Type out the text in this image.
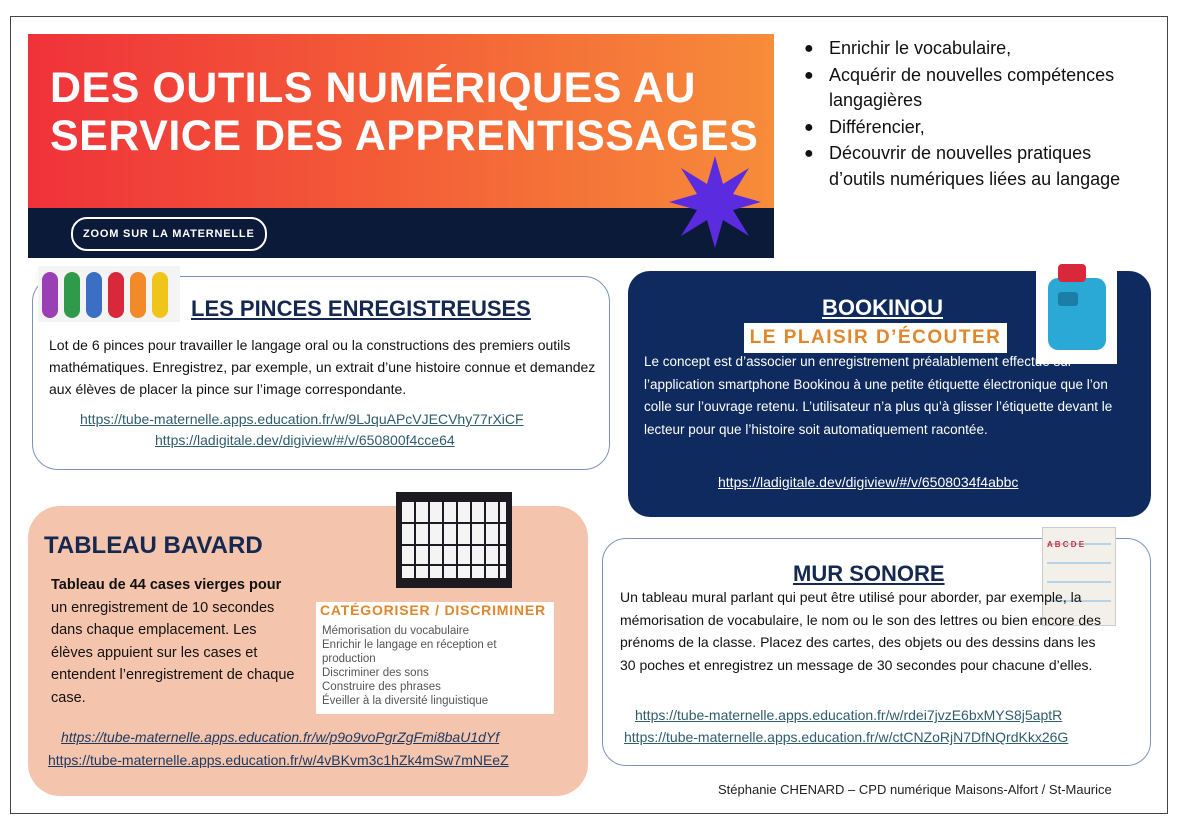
DES OUTILS NUMÉRIQUES AU
SERVICE DES APPRENTISSAGES
ZOOM SUR LA MATERNELLE
● Enrichir le vocabulaire,
● Acquérir de nouvelles compétences langagières
● Différencier,
● Découvrir de nouvelles pratiques d’outils numériques liées au langage
LES PINCES ENREGISTREUSES
Lot de 6 pinces pour travailler le langage oral ou la constructions des premiers outils mathématiques. Enregistrez, par exemple, un extrait d’une histoire connue et demandez aux élèves de placer la pince sur l’image correspondante.
https://tube-maternelle.apps.education.fr/w/9LJquAPcVJECVhy77rXiCF
https://ladigitale.dev/digiview/#/v/650800f4cce64
BOOKINOU
LE PLAISIR D’ÉCOUTER
Le concept est d’associer un enregistrement préalablement effectué sur l’application smartphone Bookinou à une petite étiquette électronique que l’on colle sur l’ouvrage retenu. L’utilisateur n’a plus qu’à glisser l’étiquette devant le lecteur pour que l’histoire soit automatiquement racontée.
https://ladigitale.dev/digiview/#/v/6508034f4abbc
TABLEAU BAVARD
Tableau de 44 cases vierges pour un enregistrement de 10 secondes dans chaque emplacement. Les élèves appuient sur les cases et entendent l’enregistrement de chaque case.
CATÉGORISER / DISCRIMINER
Mémorisation du vocabulaire
Enrichir le langage en réception et production
Discriminer des sons
Construire des phrases
Éveiller à la diversité linguistique
https://tube-maternelle.apps.education.fr/w/p9o9voPgrZgFmi8baU1dYf
https://tube-maternelle.apps.education.fr/w/4vBKvm3c1hZk4mSw7mNEeZ
MUR SONORE
A B C D E
Un tableau mural parlant qui peut être utilisé pour aborder, par exemple, la mémorisation de vocabulaire, le nom ou le son des lettres ou bien encore des prénoms de la classe. Placez des cartes, des objets ou des dessins dans les 30 poches et enregistrez un message de 30 secondes pour chacune d’elles.
https://tube-maternelle.apps.education.fr/w/rdei7jvzE6bxMYS8j5aptR
https://tube-maternelle.apps.education.fr/w/ctCNZoRjN7DfNQrdKkx26G
Stéphanie CHENARD – CPD numérique Maisons-Alfort / St-Maurice
